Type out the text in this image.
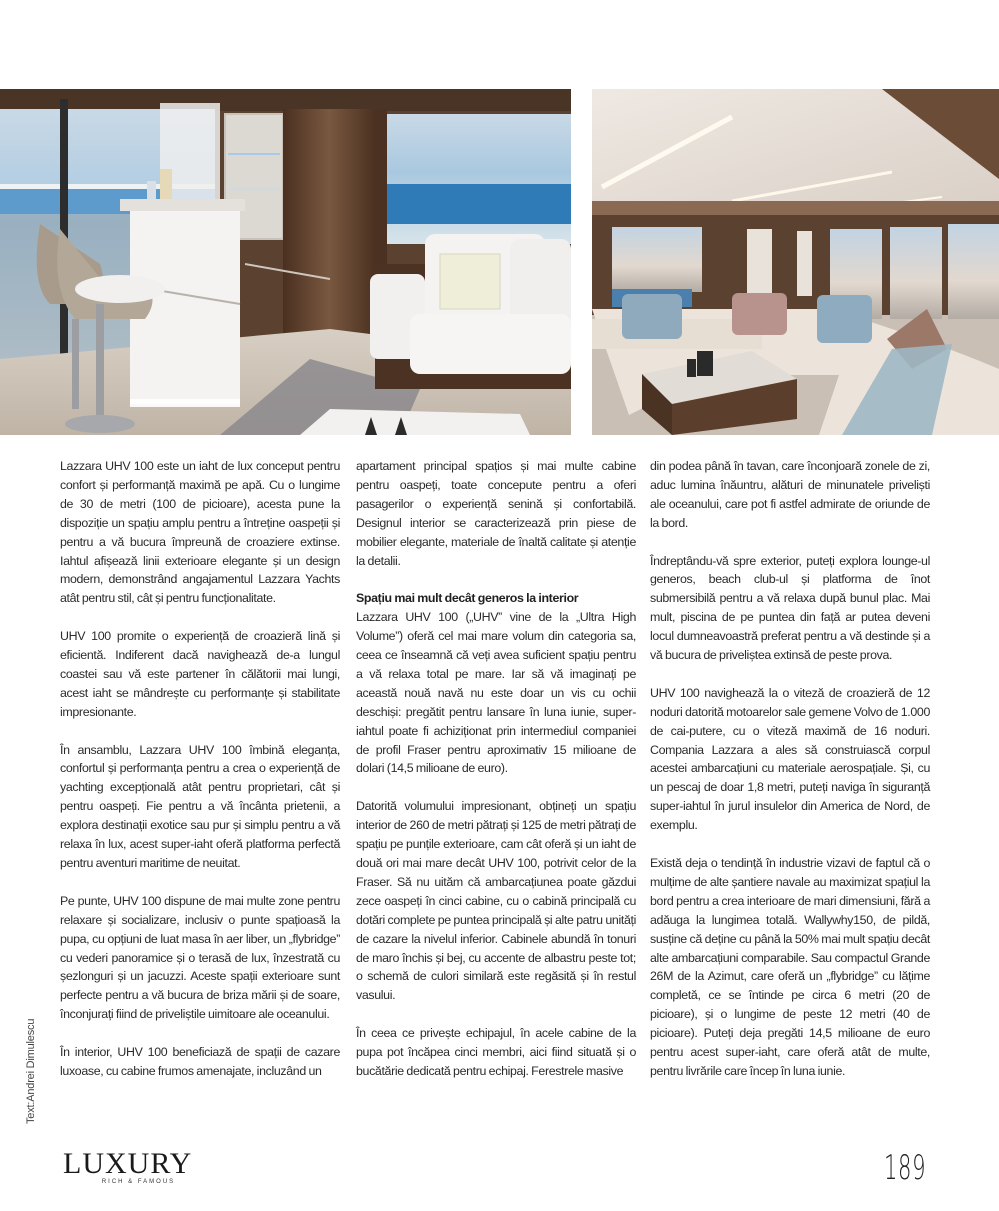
Text:Andrei Dimulescu

Lazzara UHV 100 este un iaht de lux conceput pentru confort și performanță maximă pe apă. Cu o lungime de 30 de metri (100 de picioare), acesta pune la dispoziție un spațiu amplu pentru a întreține oaspeții și pentru a vă bucura împreună de croaziere extinse. Iahtul afișează linii exterioare elegante și un design modern, demonstrând angajamentul Lazzara Yachts atât pentru stil, cât și pentru funcționalitate.

UHV 100 promite o experiență de croazieră lină și eficientă. Indiferent dacă navighează de-a lungul coastei sau vă este partener în călătorii mai lungi, acest iaht se mândrește cu performanțe și stabilitate impresionante.

În ansamblu, Lazzara UHV 100 îmbină eleganța, confortul și performanța pentru a crea o experiență de yachting excepțională atât pentru proprietari, cât și pentru oaspeți. Fie pentru a vă încânta prietenii, a explora destinații exotice sau pur și simplu pentru a vă relaxa în lux, acest super-iaht oferă platforma perfectă pentru aventuri maritime de neuitat.

Pe punte, UHV 100 dispune de mai multe zone pentru relaxare și socializare, inclusiv o punte spațioasă la pupa, cu opțiuni de luat masa în aer liber, un „flybridge” cu vederi panoramice și o terasă de lux, înzestrată cu șezlonguri și un jacuzzi. Aceste spații exterioare sunt perfecte pentru a vă bucura de briza mării și de soare, înconjurați fiind de priveliștile uimitoare ale oceanului.

În interior, UHV 100 beneficiază de spații de cazare luxoase, cu cabine frumos amenajate, incluzând un

apartament principal spațios și mai multe cabine pentru oaspeți, toate concepute pentru a oferi pasagerilor o experiență senină și confortabilă. Designul interior se caracterizează prin piese de mobilier elegante, materiale de înaltă calitate și atenție la detalii.

Spațiu mai mult decât generos la interior

Lazzara UHV 100 („UHV” vine de la „Ultra High Volume”) oferă cel mai mare volum din categoria sa, ceea ce înseamnă că veți avea suficient spațiu pentru a vă relaxa total pe mare. Iar să vă imaginați pe această nouă navă nu este doar un vis cu ochii deschiși: pregătit pentru lansare în luna iunie, super-iahtul poate fi achiziționat prin intermediul companiei de profil Fraser pentru aproximativ 15 milioane de dolari (14,5 milioane de euro).

Datorită volumului impresionant, obțineți un spațiu interior de 260 de metri pătrați și 125 de metri pătrați de spațiu pe punțile exterioare, cam cât oferă și un iaht de două ori mai mare decât UHV 100, potrivit celor de la Fraser. Să nu uităm că ambarcațiunea poate găzdui zece oaspeți în cinci cabine, cu o cabină principală cu dotări complete pe puntea principală și alte patru unități de cazare la nivelul inferior. Cabinele abundă în tonuri de maro închis și bej, cu accente de albastru peste tot; o schemă de culori similară este regăsită și în restul vasului.

În ceea ce privește echipajul, în acele cabine de la pupa pot încăpea cinci membri, aici fiind situată și o bucătărie dedicată pentru echipaj. Ferestrele masive

din podea până în tavan, care înconjoară zonele de zi, aduc lumina înăuntru, alături de minunatele priveliști ale oceanului, care pot fi astfel admirate de oriunde de la bord.

Îndreptându-vă spre exterior, puteți explora lounge-ul generos, beach club-ul și platforma de înot submersibilă pentru a vă relaxa după bunul plac. Mai mult, piscina de pe puntea din față ar putea deveni locul dumneavoastră preferat pentru a vă destinde și a vă bucura de priveliștea extinsă de peste prova.

UHV 100 navighează la o viteză de croazieră de 12 noduri datorită motoarelor sale gemene Volvo de 1.000 de cai-putere, cu o viteză maximă de 16 noduri. Compania Lazzara a ales să construiască corpul acestei ambarcațiuni cu materiale aerospațiale. Și, cu un pescaj de doar 1,8 metri, puteți naviga în siguranță super-iahtul în jurul insulelor din America de Nord, de exemplu.

Există deja o tendință în industrie vizavi de faptul că o mulțime de alte șantiere navale au maximizat spațiul la bord pentru a crea interioare de mari dimensiuni, fără a adăuga la lungimea totală. Wallywhy150, de pildă, susține că deține cu până la 50% mai mult spațiu decât alte ambarcațiuni comparabile. Sau compactul Grande 26M de la Azimut, care oferă un „flybridge” cu lățime completă, ce se întinde pe circa 6 metri (20 de picioare), și o lungime de peste 12 metri (40 de picioare). Puteți deja pregăti 14,5 milioane de euro pentru acest super-iaht, care oferă atât de multe, pentru livrările care încep în luna iunie.

LUXURY
RICH & FAMOUS	189
